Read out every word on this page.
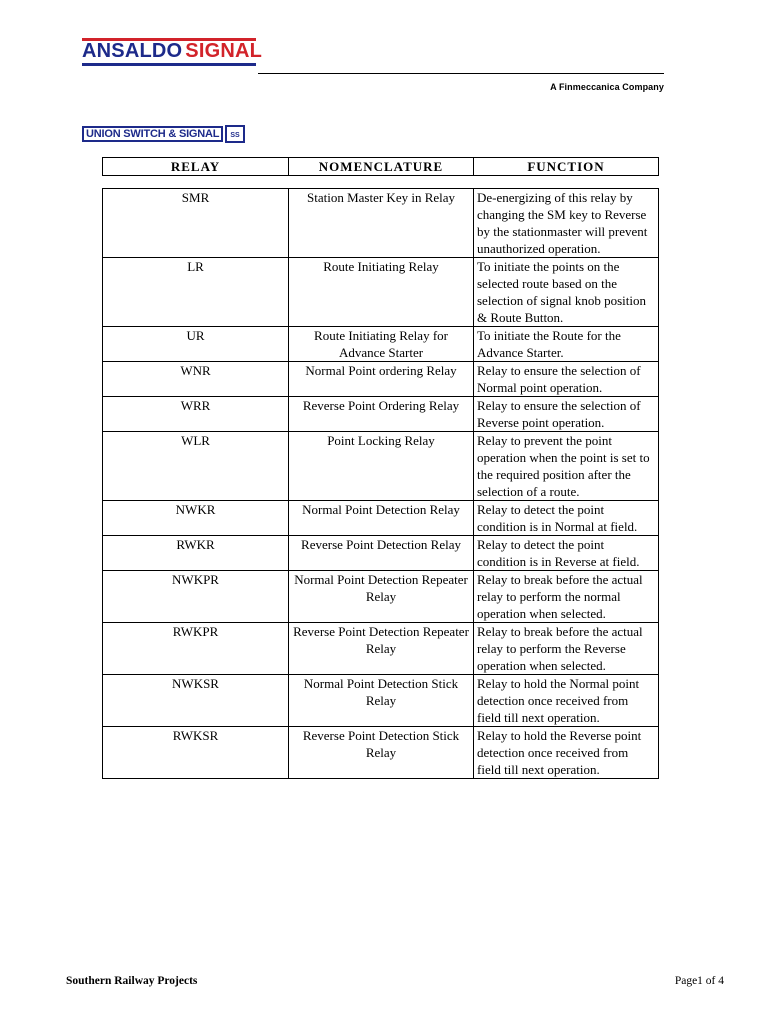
ANSALDO SIGNAL
A Finmeccanica Company
UNION SWITCH & SIGNAL	SS
RELAY	NOMENCLATURE	FUNCTION
SMR	Station Master Key in Relay	De-energizing of this relay by changing the SM key to Reverse by the stationmaster will prevent unauthorized operation.
LR	Route Initiating Relay	To initiate the points on the selected route based on the selection of signal knob position & Route Button.
UR	Route Initiating Relay for Advance Starter	To initiate the Route for the Advance Starter.
WNR	Normal Point ordering Relay	Relay to ensure the selection of Normal point operation.
WRR	Reverse Point Ordering Relay	Relay to ensure the selection of Reverse point operation.
WLR	Point Locking Relay	Relay to prevent the point operation when the point is set to the required position after the selection of a route.
NWKR	Normal Point Detection Relay	Relay to detect the point condition is in Normal at field.
RWKR	Reverse Point Detection Relay	Relay to detect the point condition is in Reverse at field.
NWKPR	Normal Point Detection Repeater Relay	Relay to break before the actual relay to perform the normal operation when selected.
RWKPR	Reverse Point Detection Repeater Relay	Relay to break before the actual relay to perform the Reverse operation when selected.
NWKSR	Normal Point Detection Stick Relay	Relay to hold the Normal point detection once received from field till next operation.
RWKSR	Reverse Point Detection Stick Relay	Relay to hold the Reverse point detection once received from field till next operation.
Southern Railway Projects	Page1 of 4
